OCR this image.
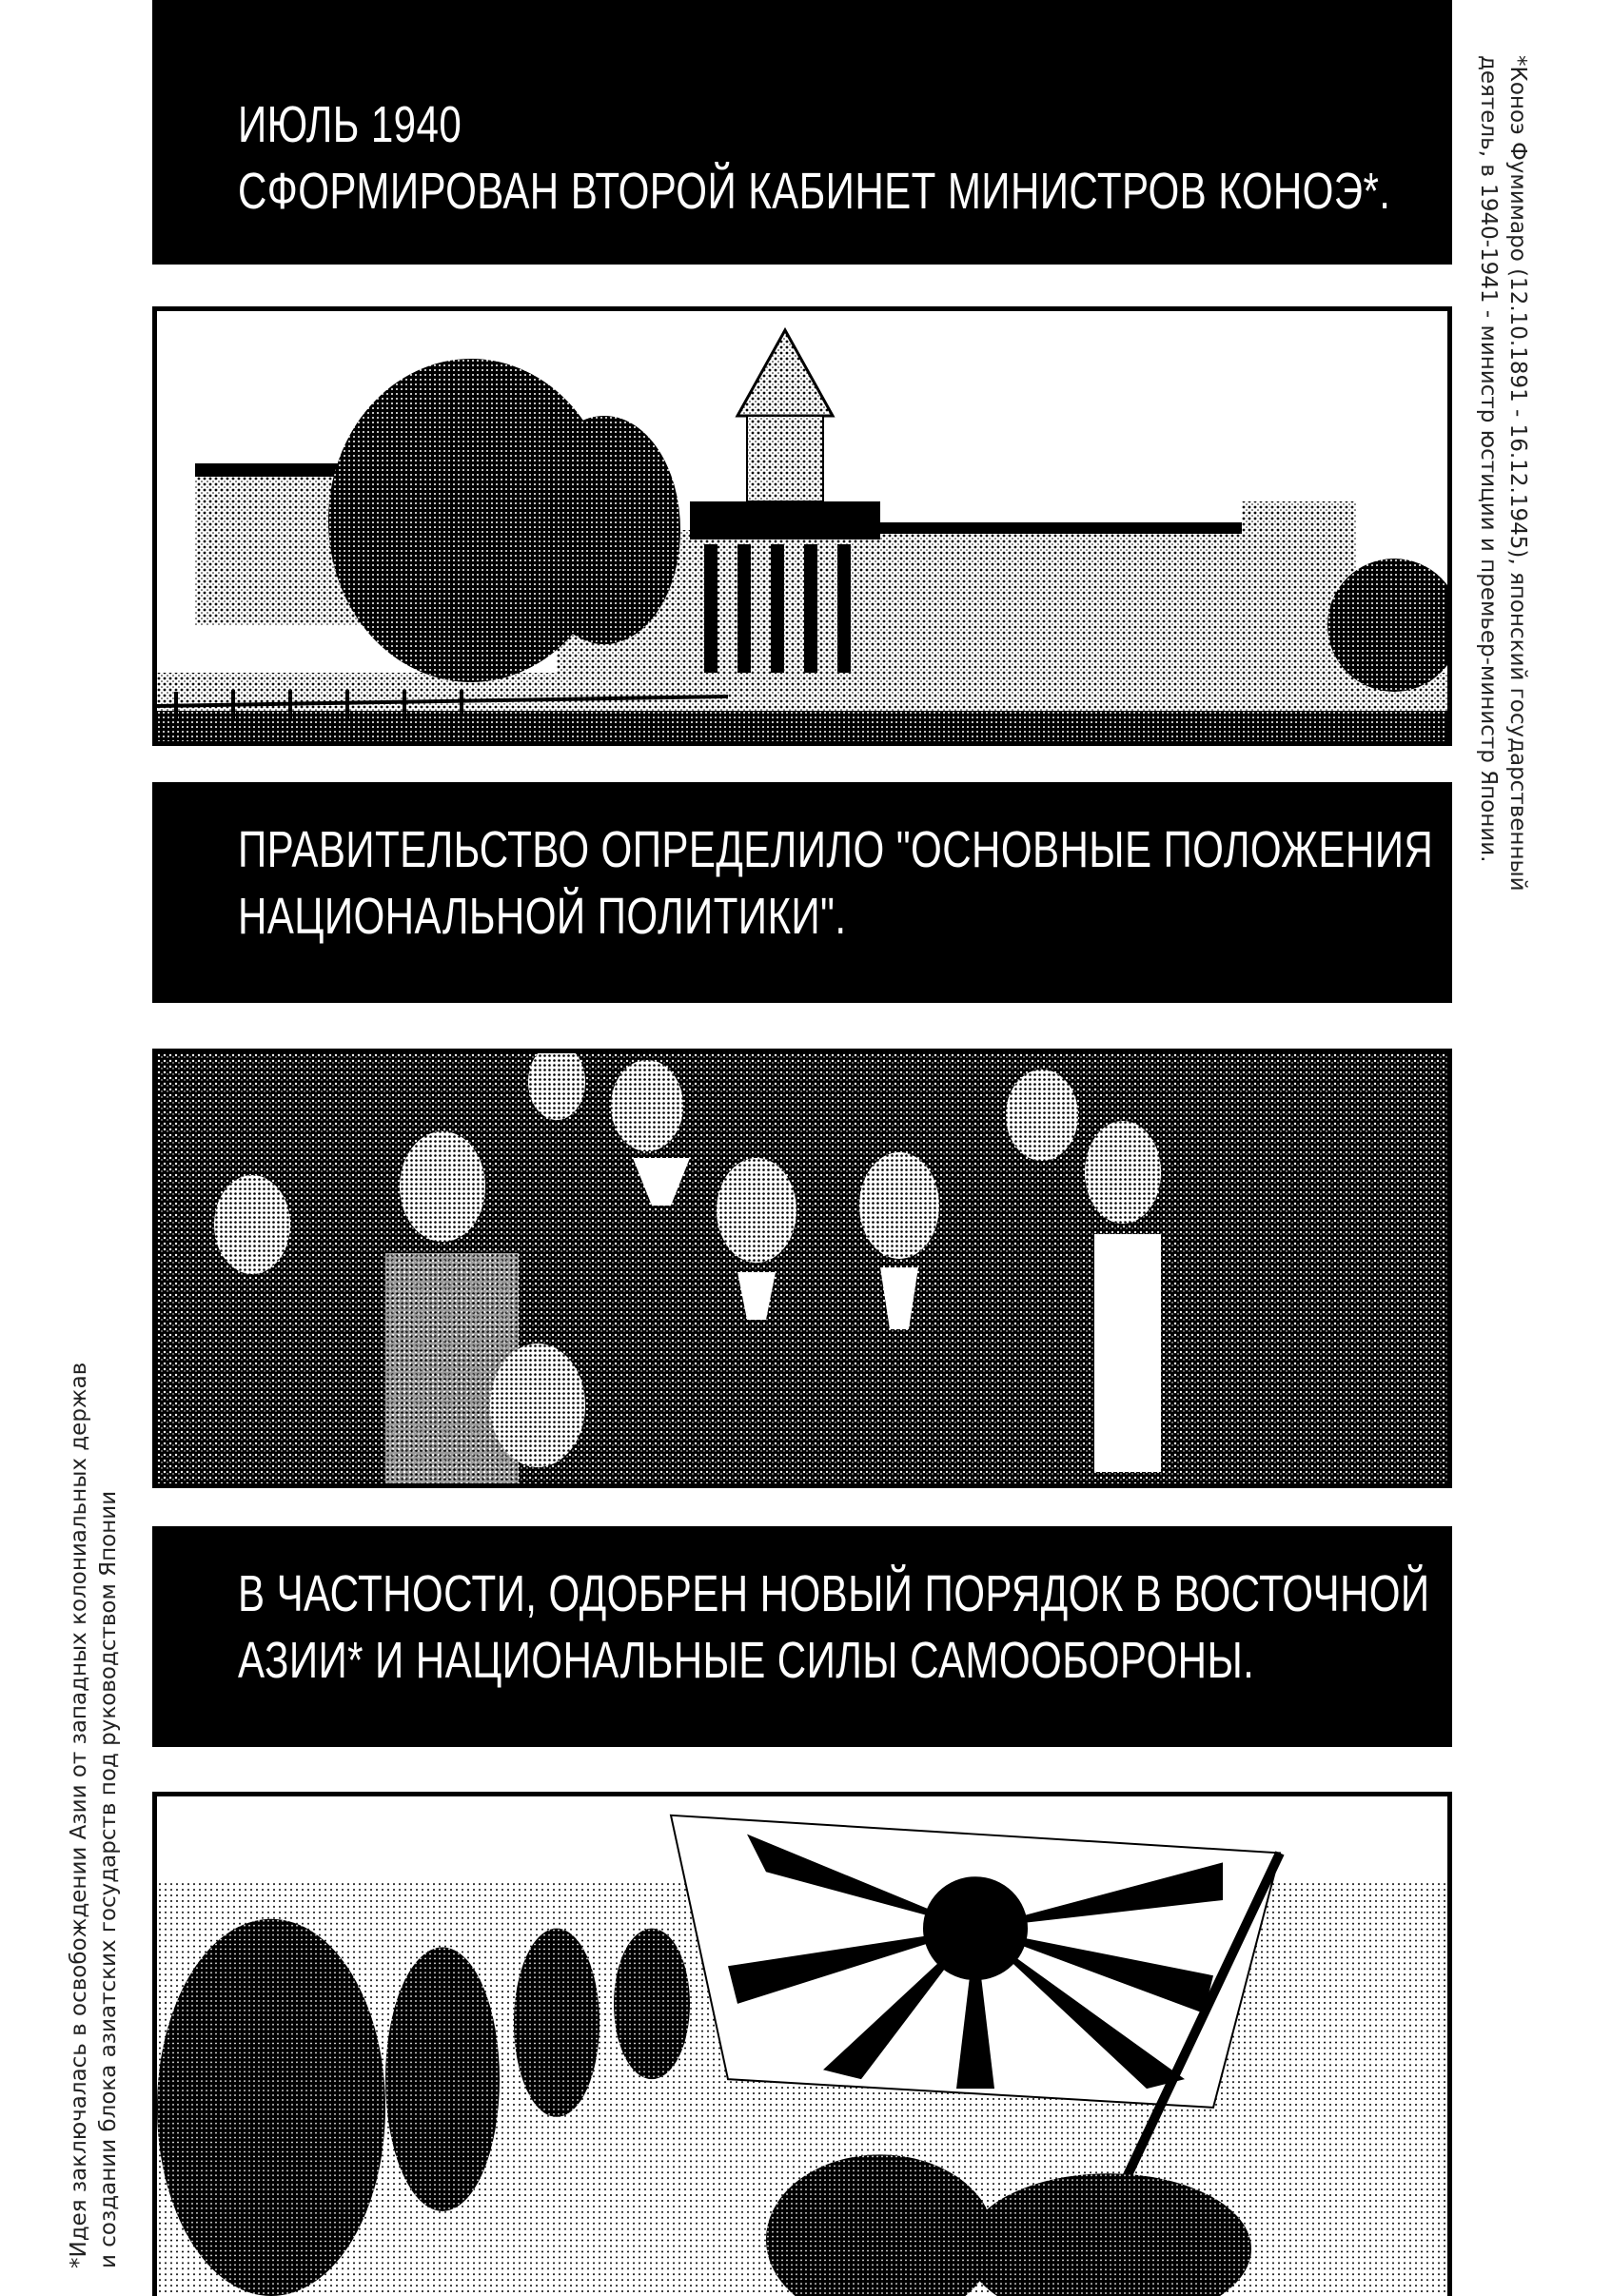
ИЮЛЬ 1940
СФОРМИРОВАН ВТОРОЙ КАБИНЕТ МИНИСТРОВ КОНОЭ*.
ПРАВИТЕЛЬСТВО ОПРЕДЕЛИЛО "ОСНОВНЫЕ ПОЛОЖЕНИЯ
НАЦИОНАЛЬНОЙ ПОЛИТИКИ".
В ЧАСТНОСТИ, ОДОБРЕН НОВЫЙ ПОРЯДОК В ВОСТОЧНОЙ
АЗИИ* И НАЦИОНАЛЬНЫЕ СИЛЫ САМООБОРОНЫ.
*Коноэ Фумимаро (12.10.1891 - 16.12.1945), японский государственный
деятель, в 1940-1941 - министр юстиции и премьер-министр Японии.
*Идея заключалась в освобождении Азии от западных колониальных держав и создании блока азиатских государств под руководством Японии
